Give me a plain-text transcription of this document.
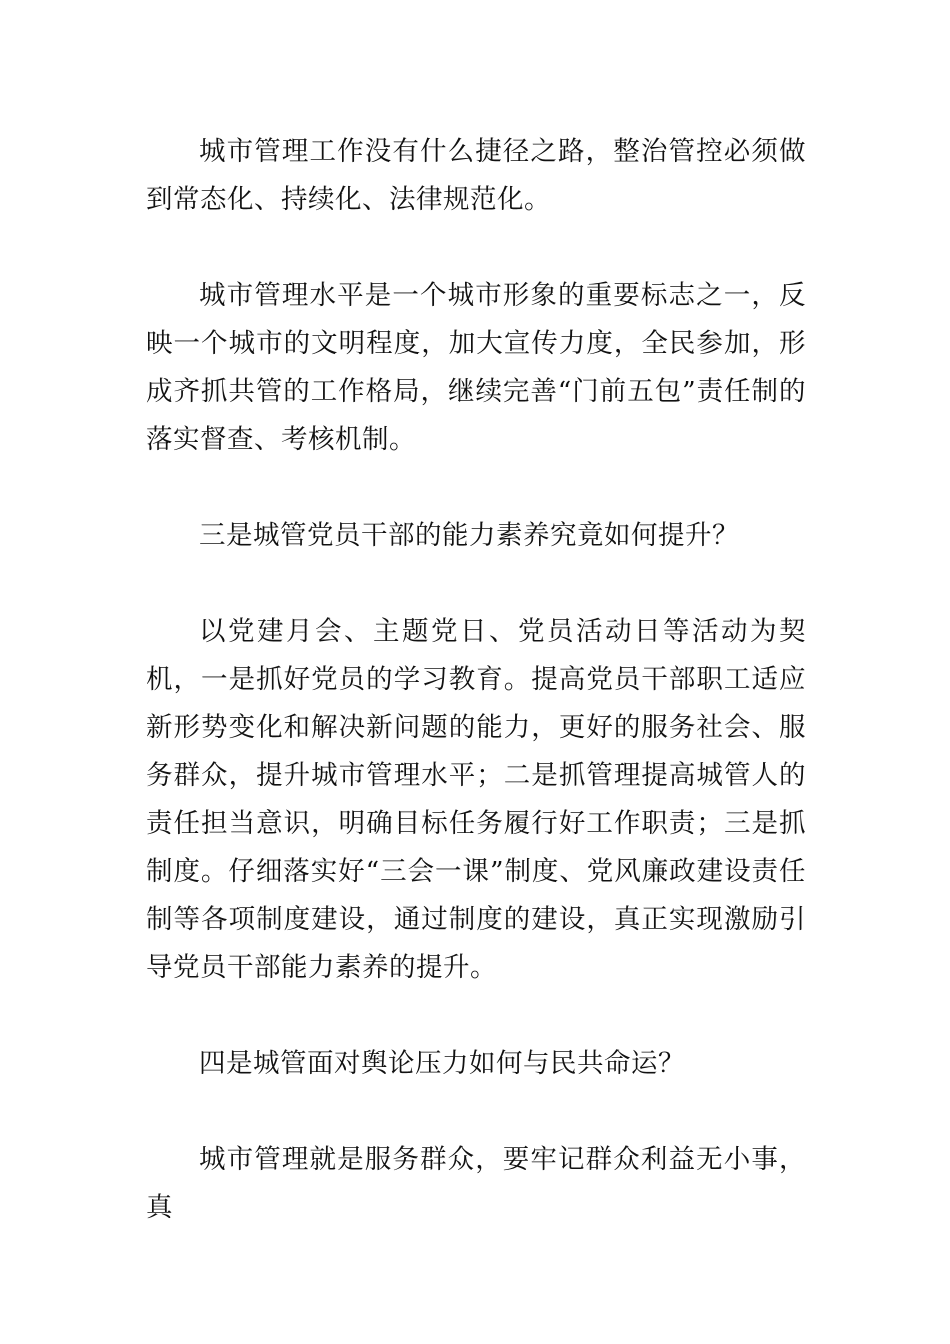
城市管理工作没有什么捷径之路，整治管控必须做到常态化、持续化、法律规范化。

城市管理水平是一个城市形象的重要标志之一，反映一个城市的文明程度，加大宣传力度，全民参加，形成齐抓共管的工作格局，继续完善“门前五包”责任制的落实督查、考核机制。

三是城管党员干部的能力素养究竟如何提升？

以党建月会、主题党日、党员活动日等活动为契机，一是抓好党员的学习教育。提高党员干部职工适应新形势变化和解决新问题的能力，更好的服务社会、服务群众，提升城市管理水平；二是抓管理提高城管人的责任担当意识，明确目标任务履行好工作职责；三是抓制度。仔细落实好“三会一课”制度、党风廉政建设责任制等各项制度建设，通过制度的建设，真正实现激励引导党员干部能力素养的提升。

四是城管面对舆论压力如何与民共命运？

城市管理就是服务群众，要牢记群众利益无小事，真
